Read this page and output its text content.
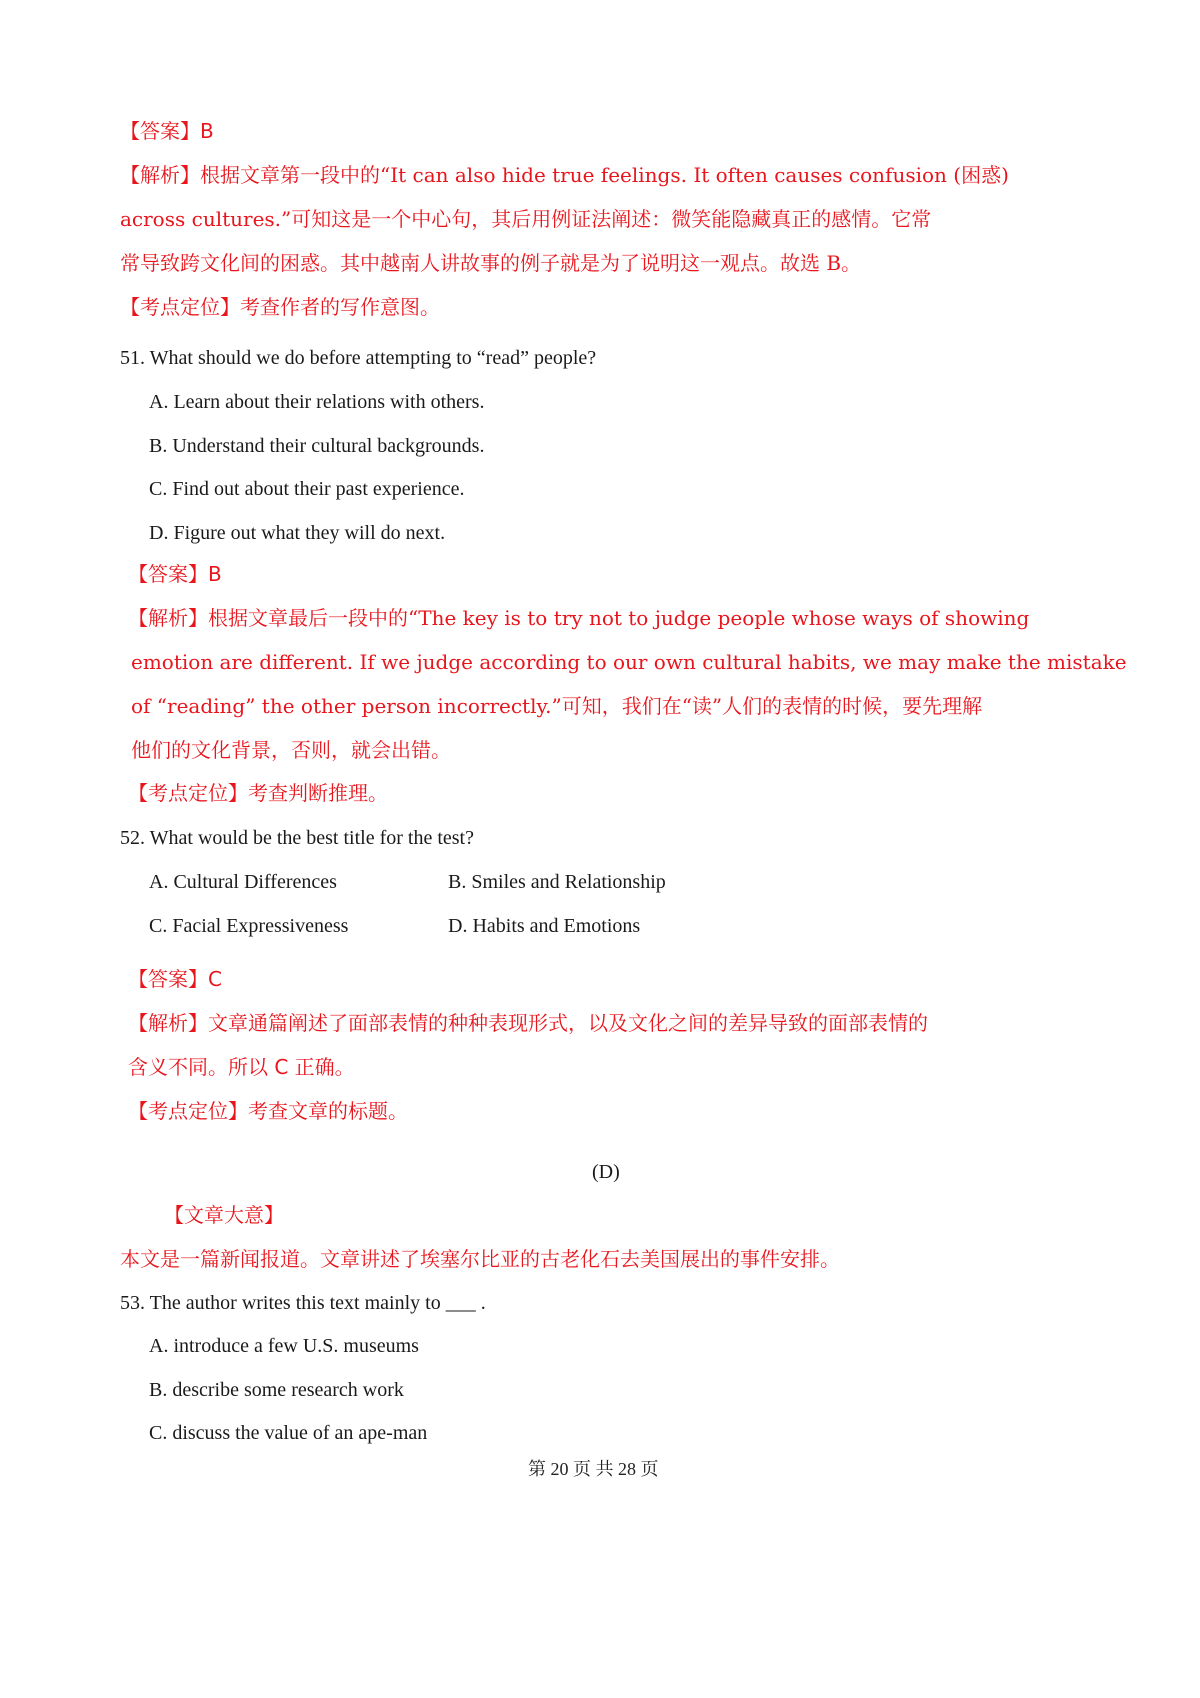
【答案】B
【解析】根据文章第一段中的“It can also hide true feelings. It often causes confusion (困惑)
across cultures.”可知这是一个中心句，其后用例证法阐述：微笑能隐藏真正的感情。它常
常导致跨文化间的困惑。其中越南人讲故事的例子就是为了说明这一观点。故选 B。
【考点定位】考查作者的写作意图。
51. What should we do before attempting to “read” people?
A. Learn about their relations with others.
B. Understand their cultural backgrounds.
C. Find out about their past experience.
D. Figure out what they will do next.
【答案】B
【解析】根据文章最后一段中的“The key is to try not to judge people whose ways of showing
emotion are different. If we judge according to our own cultural habits, we may make the mistake
of “reading” the other person incorrectly.”可知，我们在“读”人们的表情的时候，要先理解
他们的文化背景，否则，就会出错。
【考点定位】考查判断推理。
52. What would be the best title for the test?
A. Cultural Differences	B. Smiles and Relationship
C. Facial Expressiveness	D. Habits and Emotions
【答案】C
【解析】文章通篇阐述了面部表情的种种表现形式，以及文化之间的差异导致的面部表情的
含义不同。所以 C 正确。
【考点定位】考查文章的标题。
(D)
【文章大意】
本文是一篇新闻报道。文章讲述了埃塞尔比亚的古老化石去美国展出的事件安排。
53. The author writes this text mainly to ___ .
A. introduce a few U.S. museums
B. describe some research work
C. discuss the value of an ape-man
第 20 页 共 28 页
